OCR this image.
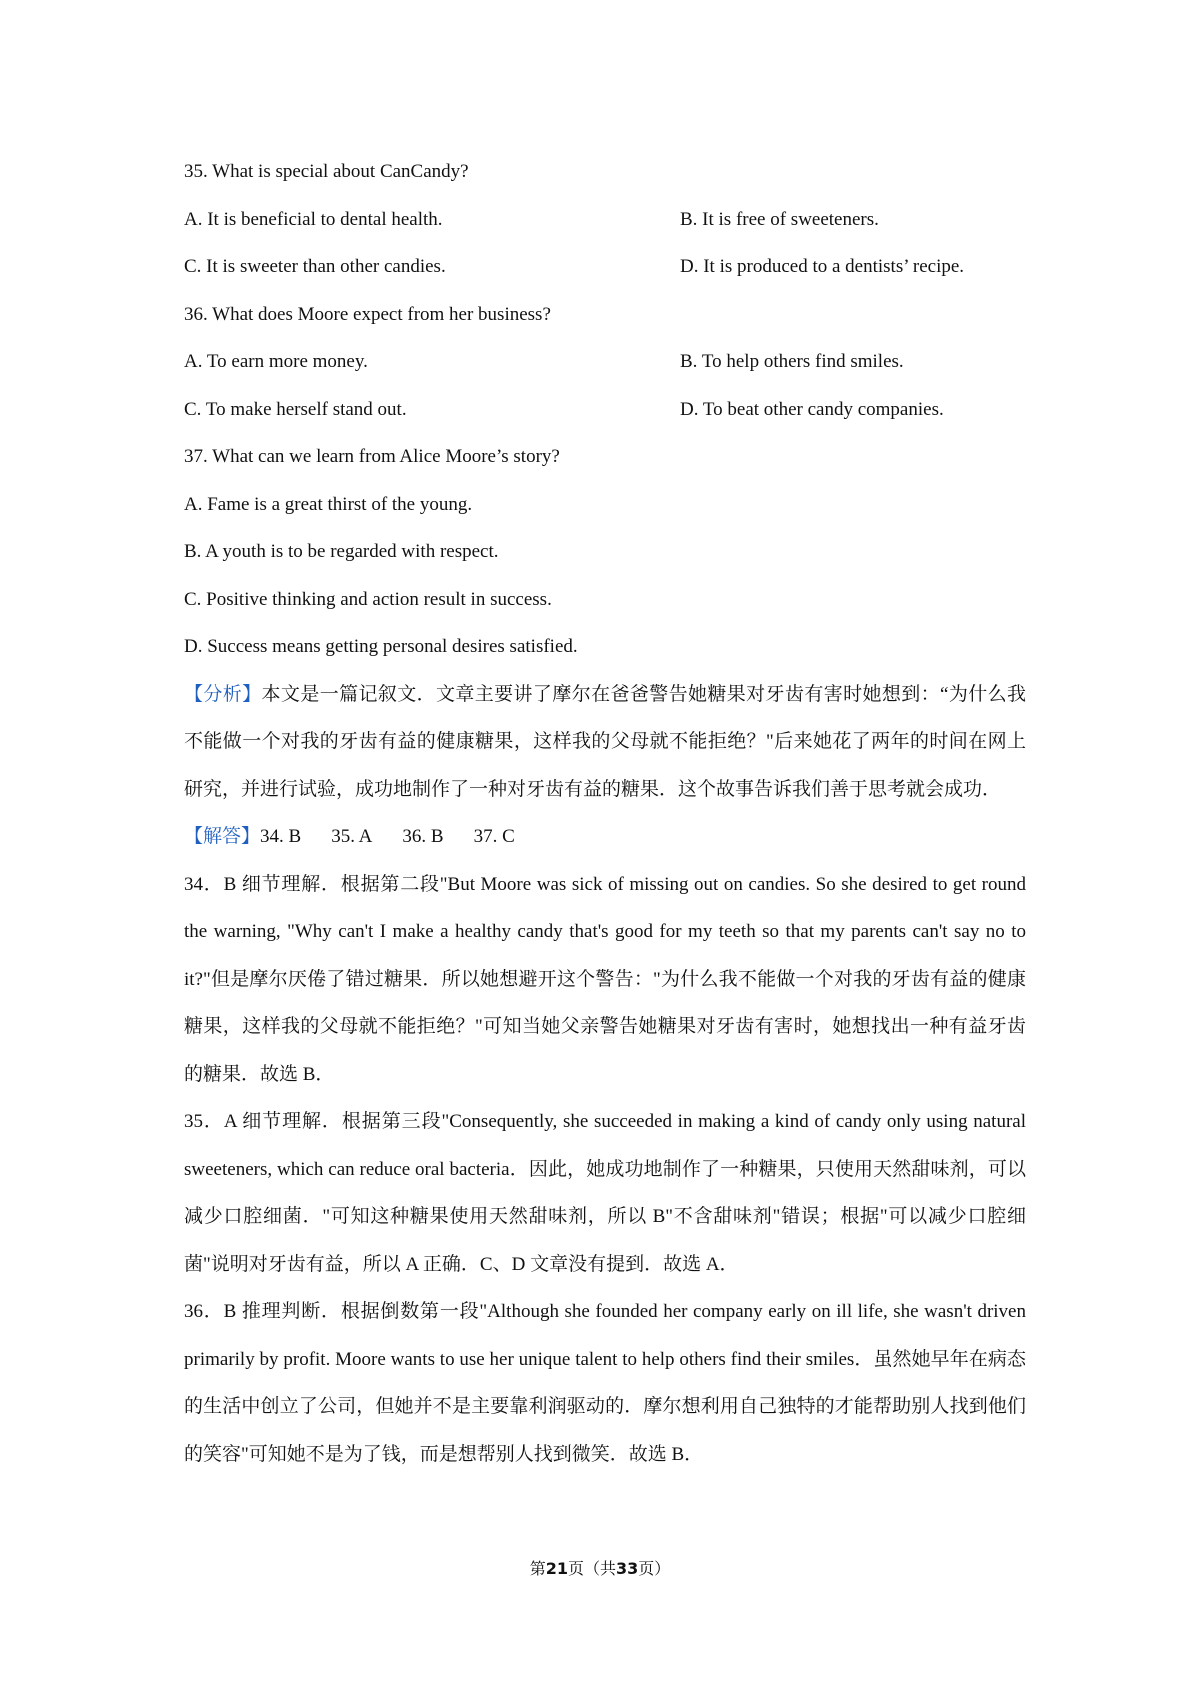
35. What is special about CanCandy?
A. It is beneficial to dental health.	B. It is free of sweeteners.
C. It is sweeter than other candies.	D. It is produced to a dentists’ recipe.
36. What does Moore expect from her business?
A. To earn more money.	B. To help others find smiles.
C. To make herself stand out.	D. To beat other candy companies.
37. What can we learn from Alice Moore’s story?
A. Fame is a great thirst of the young.
B. A youth is to be regarded with respect.
C. Positive thinking and action result in success.
D. Success means getting personal desires satisfied.

【分析】本文是一篇记叙文．文章主要讲了摩尔在爸爸警告她糖果对牙齿有害时她想到：“为什么我不能做一个对我的牙齿有益的健康糖果，这样我的父母就不能拒绝？"后来她花了两年的时间在网上研究，并进行试验，成功地制作了一种对牙齿有益的糖果．这个故事告诉我们善于思考就会成功．

【解答】34. B 35. A 36. B 37. C

34．B 细节理解．根据第二段"But Moore was sick of missing out on candies. So she desired to get round the warning, "Why can't I make a healthy candy that's good for my teeth so that my parents can't say no to it?"但是摩尔厌倦了错过糖果．所以她想避开这个警告："为什么我不能做一个对我的牙齿有益的健康糖果，这样我的父母就不能拒绝？"可知当她父亲警告她糖果对牙齿有害时，她想找出一种有益牙齿的糖果．故选 B．

35．A 细节理解．根据第三段"Consequently, she succeeded in making a kind of candy only using natural sweeteners, which can reduce oral bacteria．因此，她成功地制作了一种糖果，只使用天然甜味剂，可以减少口腔细菌．"可知这种糖果使用天然甜味剂，所以 B"不含甜味剂"错误；根据"可以减少口腔细菌"说明对牙齿有益，所以 A 正确．C、D 文章没有提到．故选 A．

36．B 推理判断．根据倒数第一段"Although she founded her company early on ill life, she wasn't driven primarily by profit. Moore wants to use her unique talent to help others find their smiles．虽然她早年在病态的生活中创立了公司，但她并不是主要靠利润驱动的．摩尔想利用自己独特的才能帮助别人找到他们的笑容"可知她不是为了钱，而是想帮别人找到微笑．故选 B．

第21页（共33页）
